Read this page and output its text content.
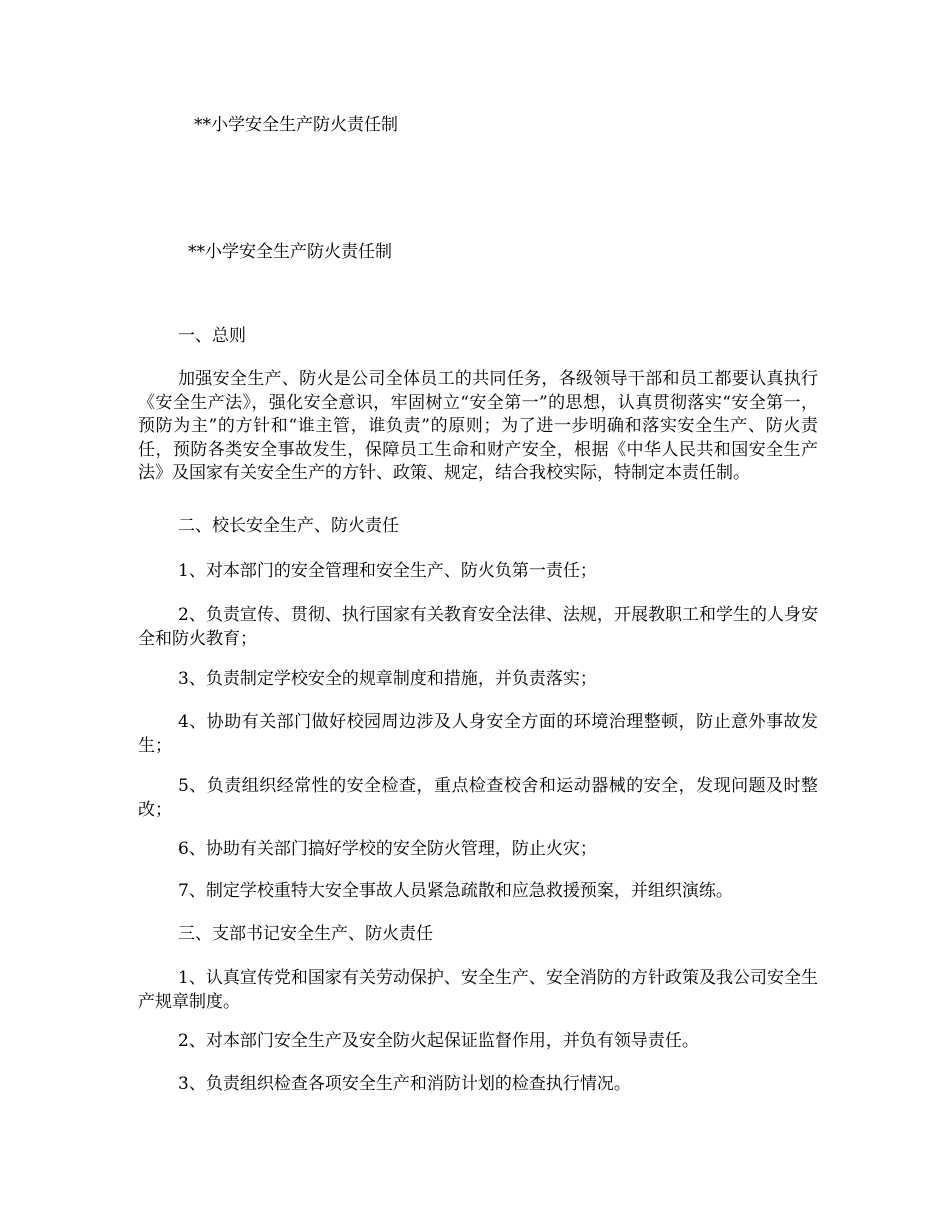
**小学安全生产防火责任制
**小学安全生产防火责任制
一、总则
加强安全生产、防火是公司全体员工的共同任务，各级领导干部和员工都要认真执行《安全生产法》，强化安全意识，牢固树立“安全第一”的思想，认真贯彻落实“安全第一，预防为主”的方针和“谁主管，谁负责”的原则；为了进一步明确和落实安全生产、防火责任，预防各类安全事故发生，保障员工生命和财产安全，根据《中华人民共和国安全生产法》及国家有关安全生产的方针、政策、规定，结合我校实际，特制定本责任制。
二、校长安全生产、防火责任
1、对本部门的安全管理和安全生产、防火负第一责任；
2、负责宣传、贯彻、执行国家有关教育安全法律、法规，开展教职工和学生的人身安全和防火教育；
3、负责制定学校安全的规章制度和措施，并负责落实；
4、协助有关部门做好校园周边涉及人身安全方面的环境治理整顿，防止意外事故发生；
5、负责组织经常性的安全检查，重点检查校舍和运动器械的安全，发现问题及时整改；
6、协助有关部门搞好学校的安全防火管理，防止火灾；
7、制定学校重特大安全事故人员紧急疏散和应急救援预案，并组织演练。
三、支部书记安全生产、防火责任
1、认真宣传党和国家有关劳动保护、安全生产、安全消防的方针政策及我公司安全生产规章制度。
2、对本部门安全生产及安全防火起保证监督作用，并负有领导责任。
3、负责组织检查各项安全生产和消防计划的检查执行情况。
